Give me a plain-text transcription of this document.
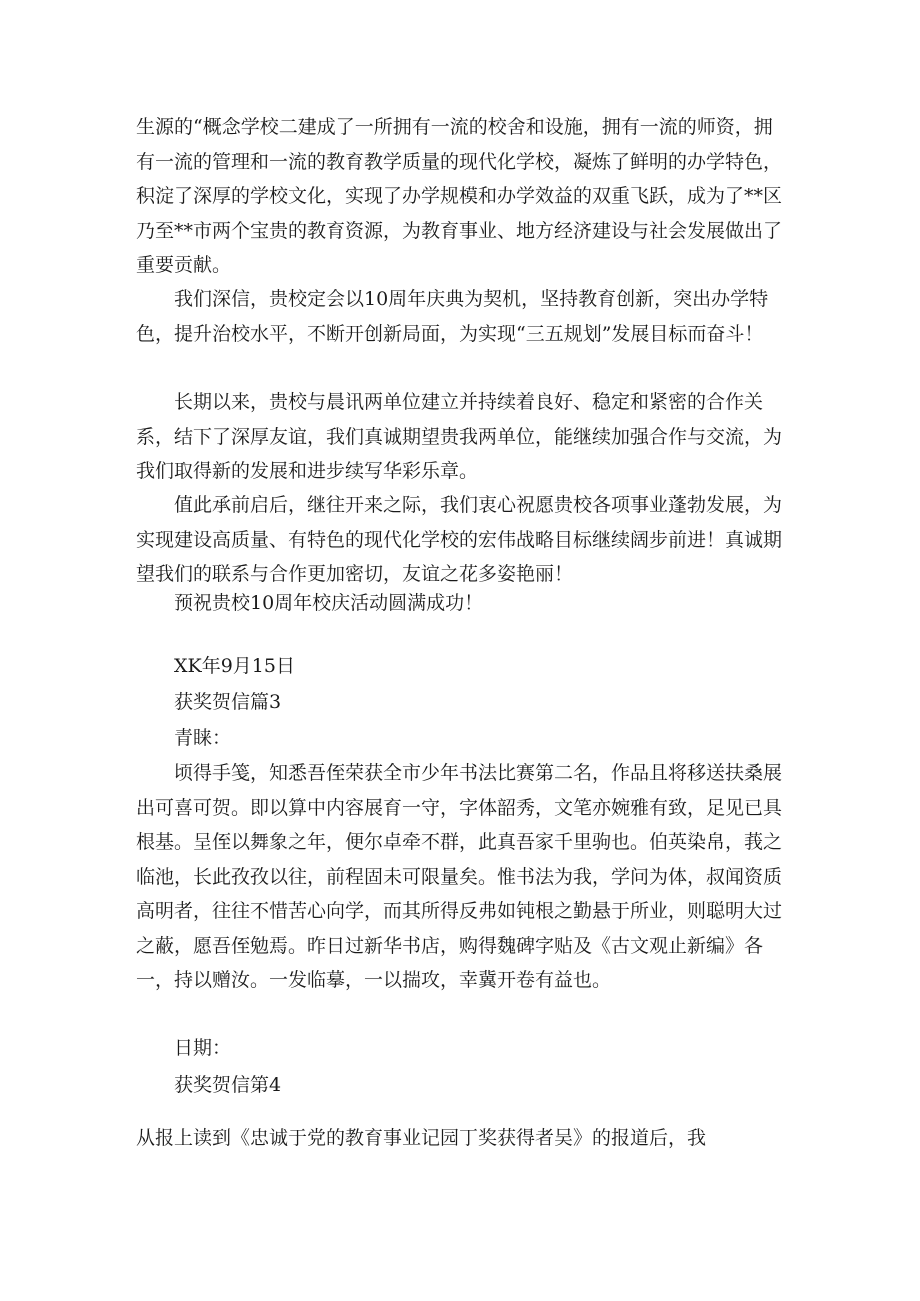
生源的“概念学校二建成了一所拥有一流的校舍和设施，拥有一流的师资，拥有一流的管理和一流的教育教学质量的现代化学校，凝炼了鲜明的办学特色，积淀了深厚的学校文化，实现了办学规模和办学效益的双重飞跃，成为了**区乃至**市两个宝贵的教育资源，为教育事业、地方经济建设与社会发展做出了重要贡献。

我们深信，贵校定会以10周年庆典为契机，坚持教育创新，突出办学特色，提升治校水平，不断开创新局面，为实现“三五规划”发展目标而奋斗！

长期以来，贵校与晨讯两单位建立并持续着良好、稳定和紧密的合作关系，结下了深厚友谊，我们真诚期望贵我两单位，能继续加强合作与交流，为我们取得新的发展和进步续写华彩乐章。

值此承前启后，继往开来之际，我们衷心祝愿贵校各项事业蓬勃发展，为实现建设高质量、有特色的现代化学校的宏伟战略目标继续阔步前进！真诚期望我们的联系与合作更加密切，友谊之花多姿艳丽！

预祝贵校10周年校庆活动圆满成功！

XK年9月15日

获奖贺信篇3

青睐：

顷得手笺，知悉吾侄荣获全市少年书法比赛第二名，作品且将移送扶桑展出可喜可贺。即以算中内容展育一守，字体韶秀，文笔亦婉雅有致，足见已具根基。呈侄以舞象之年，便尔卓牵不群，此真吾家千里驹也。伯英染帛，莪之临池，长此孜孜以往，前程固未可限量矣。惟书法为我，学问为体，叔闻资质高明者，往往不惜苦心向学，而其所得反弗如钝根之勤悬于所业，则聪明大过之蔽，愿吾侄勉焉。昨日过新华书店，购得魏碑字贴及《古文观止新编》各一，持以赠汝。一发临摹，一以揣攻，幸冀开卷有益也。

日期：

获奖贺信第4

从报上读到《忠诚于党的教育事业记园丁奖获得者吴》的报道后，我
